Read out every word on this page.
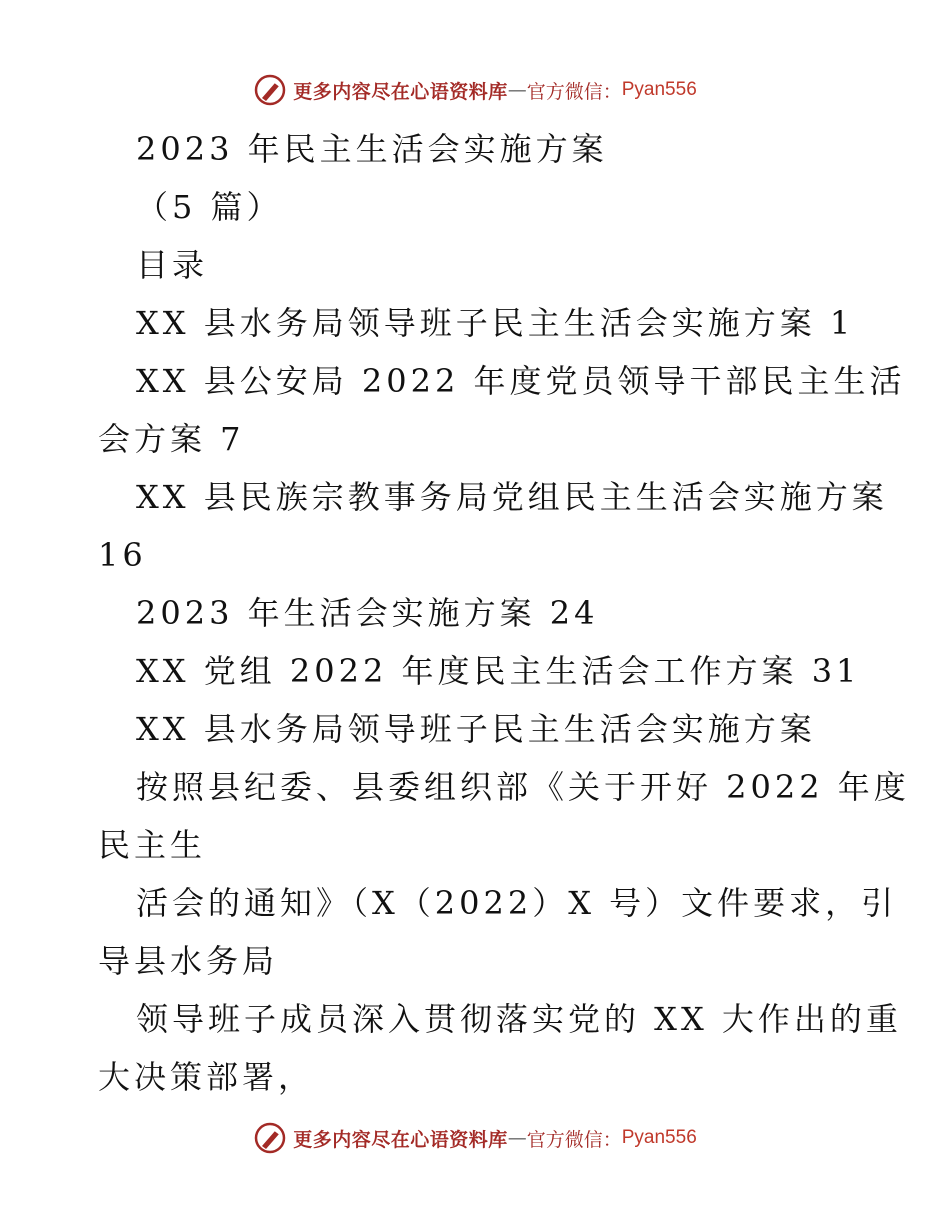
更多内容尽在心语资料库 — 官方微信： Pyan556

2023 年民主生活会实施方案

（5 篇）

目录

XX 县水务局领导班子民主生活会实施方案 1

XX 县公安局 2022 年度党员领导干部民主生活

会方案 7

XX 县民族宗教事务局党组民主生活会实施方案

16

2023 年生活会实施方案 24

XX 党组 2022 年度民主生活会工作方案 31

XX 县水务局领导班子民主生活会实施方案

按照县纪委、县委组织部《关于开好 2022 年度

民主生

活会的通知》（X（2022）X 号）文件要求，引

导县水务局

领导班子成员深入贯彻落实党的 XX 大作出的重

大决策部署，

更多内容尽在心语资料库 — 官方微信： Pyan556
